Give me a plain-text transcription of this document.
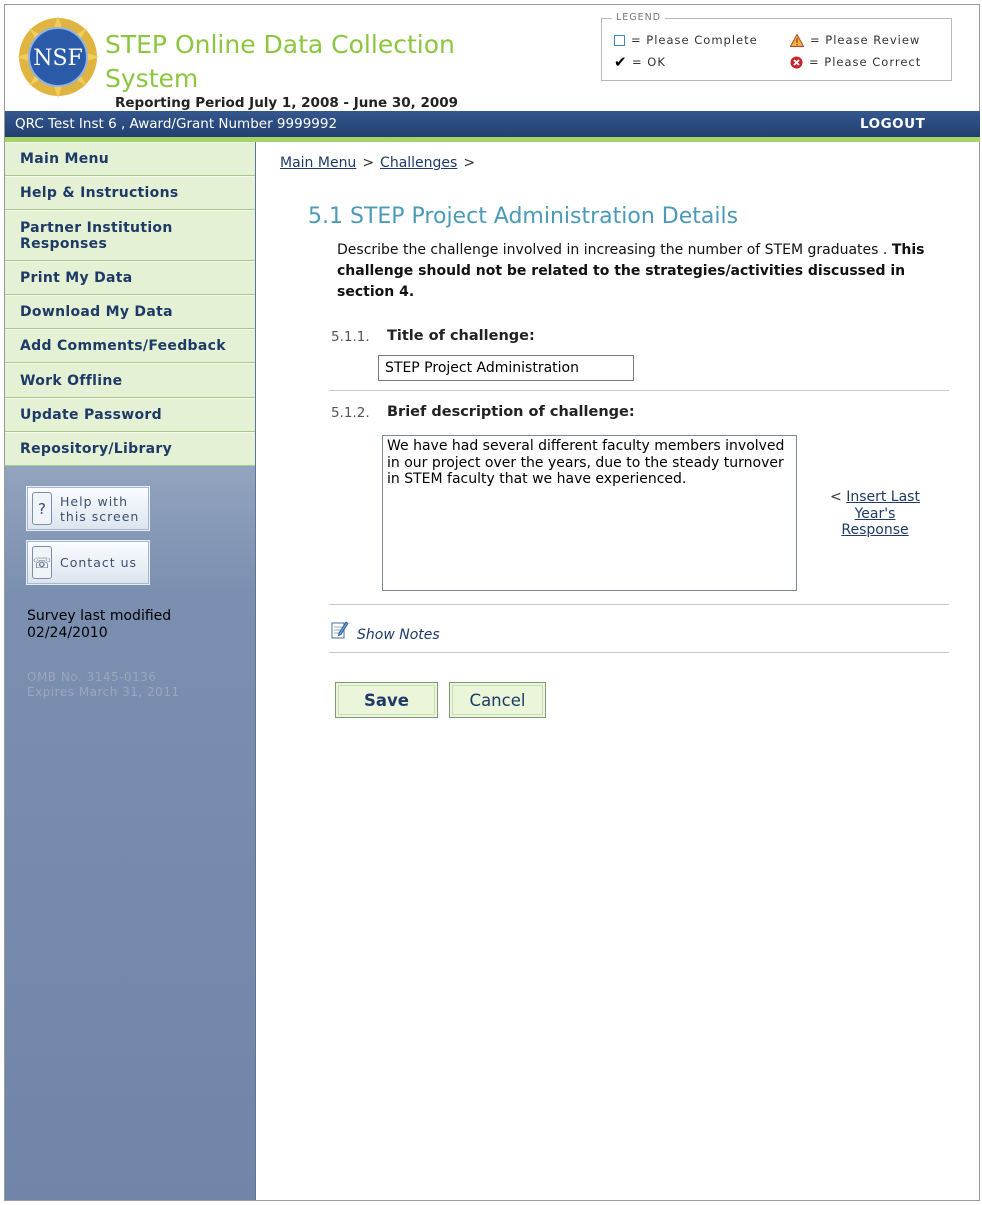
NSF STEP Online Data Collection System
Reporting Period July 1, 2008 - June 30, 2009
LEGEND
= Please Complete
✔ = OK
= Please Review
= Please Correct
QRC Test Inst 6 , Award/Grant Number 9999992	LOGOUT
Main Menu
Help & Instructions
Partner Institution Responses
Print My Data
Download My Data
Add Comments/Feedback
Work Offline
Update Password
Repository/Library
?	Help with this screen
☏ Contact us
Survey last modified
02/24/2010
OMB No. 3145-0136
Expires March 31, 2011
Main Menu > Challenges >
5.1 STEP Project Administration Details
Describe the challenge involved in increasing the number of STEM graduates . This challenge should not be related to the strategies/activities discussed in section 4.
5.1.1. Title of challenge:
STEP Project Administration
5.1.2. Brief description of challenge:
We have had several different faculty members involved in our project over the years, due to the steady turnover in STEM faculty that we have experienced.
< Insert Last Year's Response
Show Notes
Save	Cancel
